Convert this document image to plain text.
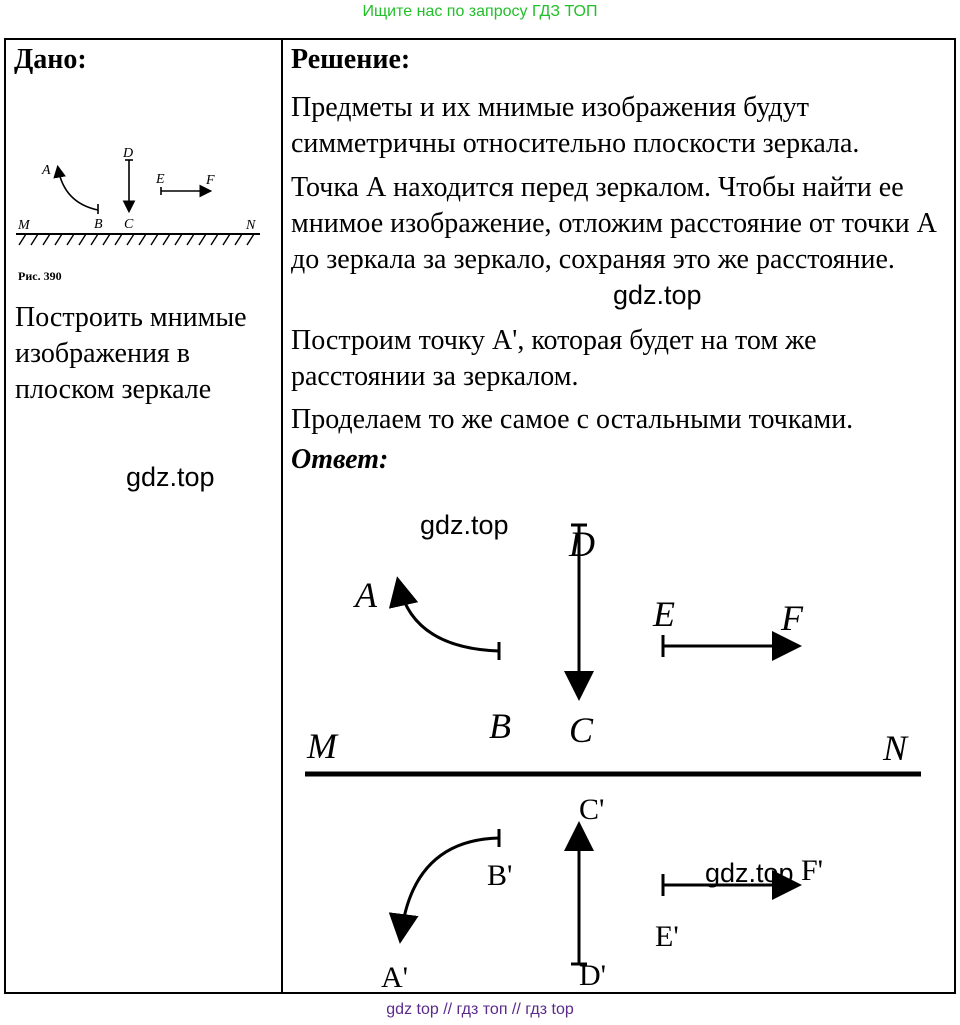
Ищите нас по запросу ГДЗ ТОП
Дано:
A
B C
D
E	F
M	N
Рис. 390
Построить мнимые изображения в плоском зеркале
gdz.top
Решение:
Предметы и их мнимые изображения будут симметричны относительно плоскости зеркала.
Точка А находится перед зеркалом. Чтобы найти ее мнимое изображение, отложим расстояние от точки А до зеркала за зеркало, сохраняя это же расстояние.
Построим точку А', которая будет на том же расстоянии за зеркалом.
Проделаем то же самое с остальными точками.
Ответ:
gdz.top
A
B C
D
E	F
M	N
A'
B'
C'
D'
E'
F'
gdz.top
gdz.top
gdz top // гдз топ // гдз top
